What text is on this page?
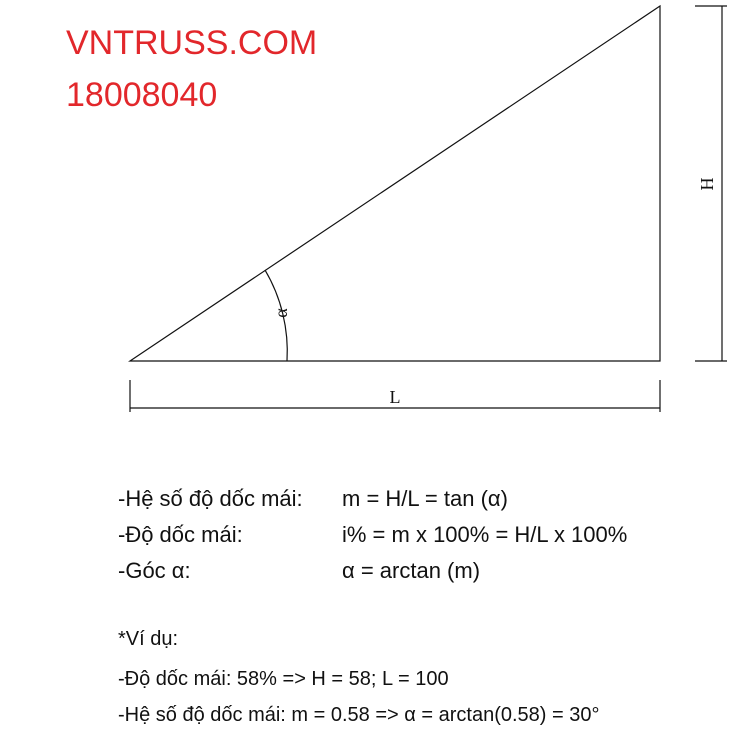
VNTRUSS.COM
18008040
α
L
H
-Hệ số độ dốc mái: m = H/L = tan (α)
-Độ dốc mái:	i% = m x 100% = H/L x 100%
-Góc α:	α = arctan (m)
*Ví dụ:
-Độ dốc mái: 58% => H = 58; L = 100
-Hệ số độ dốc mái: m = 0.58 => α = arctan(0.58) = 30°
